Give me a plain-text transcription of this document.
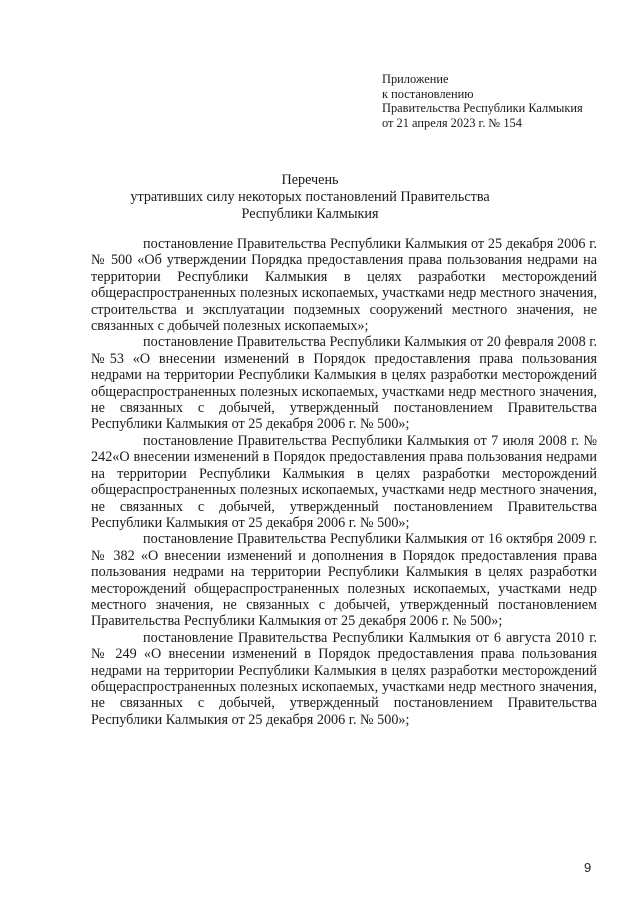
Приложение
к постановлению
Правительства Республики Калмыкия
от 21 апреля 2023 г. № 154
Перечень
утративших силу некоторых постановлений Правительства
Республики Калмыкия

постановление Правительства Республики Калмыкия от 25 декабря 2006 г. № 500 «Об утверждении Порядка предоставления права пользования недрами на территории Республики Калмыкия в целях разработки месторождений общераспространенных полезных ископаемых, участками недр местного значения, строительства и эксплуатации подземных сооружений местного значения, не связанных с добычей полезных ископаемых»;

постановление Правительства Республики Калмыкия от 20 февраля 2008 г. №53 «О внесении изменений в Порядок предоставления права пользования недрами на территории Республики Калмыкия в целях разработки месторождений общераспространенных полезных ископаемых, участками недр местного значения, не связанных с добычей, утвержденный постановлением Правительства Республики Калмыкия от 25 декабря 2006 г. № 500»;

постановление Правительства Республики Калмыкия от 7 июля 2008 г. № 242«О внесении изменений в Порядок предоставления права пользования недрами на территории Республики Калмыкия в целях разработки месторождений общераспространенных полезных ископаемых, участками недр местного значения, не связанных с добычей, утвержденный постановлением Правительства Республики Калмыкия от 25 декабря 2006 г. № 500»;

постановление Правительства Республики Калмыкия от 16 октября 2009 г. № 382 «О внесении изменений и дополнения в Порядок предоставления права пользования недрами на территории Республики Калмыкия в целях разработки месторождений общераспространенных полезных ископаемых, участками недр местного значения, не связанных с добычей, утвержденный постановлением Правительства Республики Калмыкия от 25 декабря 2006 г. № 500»;

постановление Правительства Республики Калмыкия от 6 августа 2010 г. № 249 «О внесении изменений в Порядок предоставления права пользования недрами на территории Республики Калмыкия в целях разработки месторождений общераспространенных полезных ископаемых, участками недр местного значения, не связанных с добычей, утвержденный постановлением Правительства Республики Калмыкия от 25 декабря 2006 г. № 500»;

9
